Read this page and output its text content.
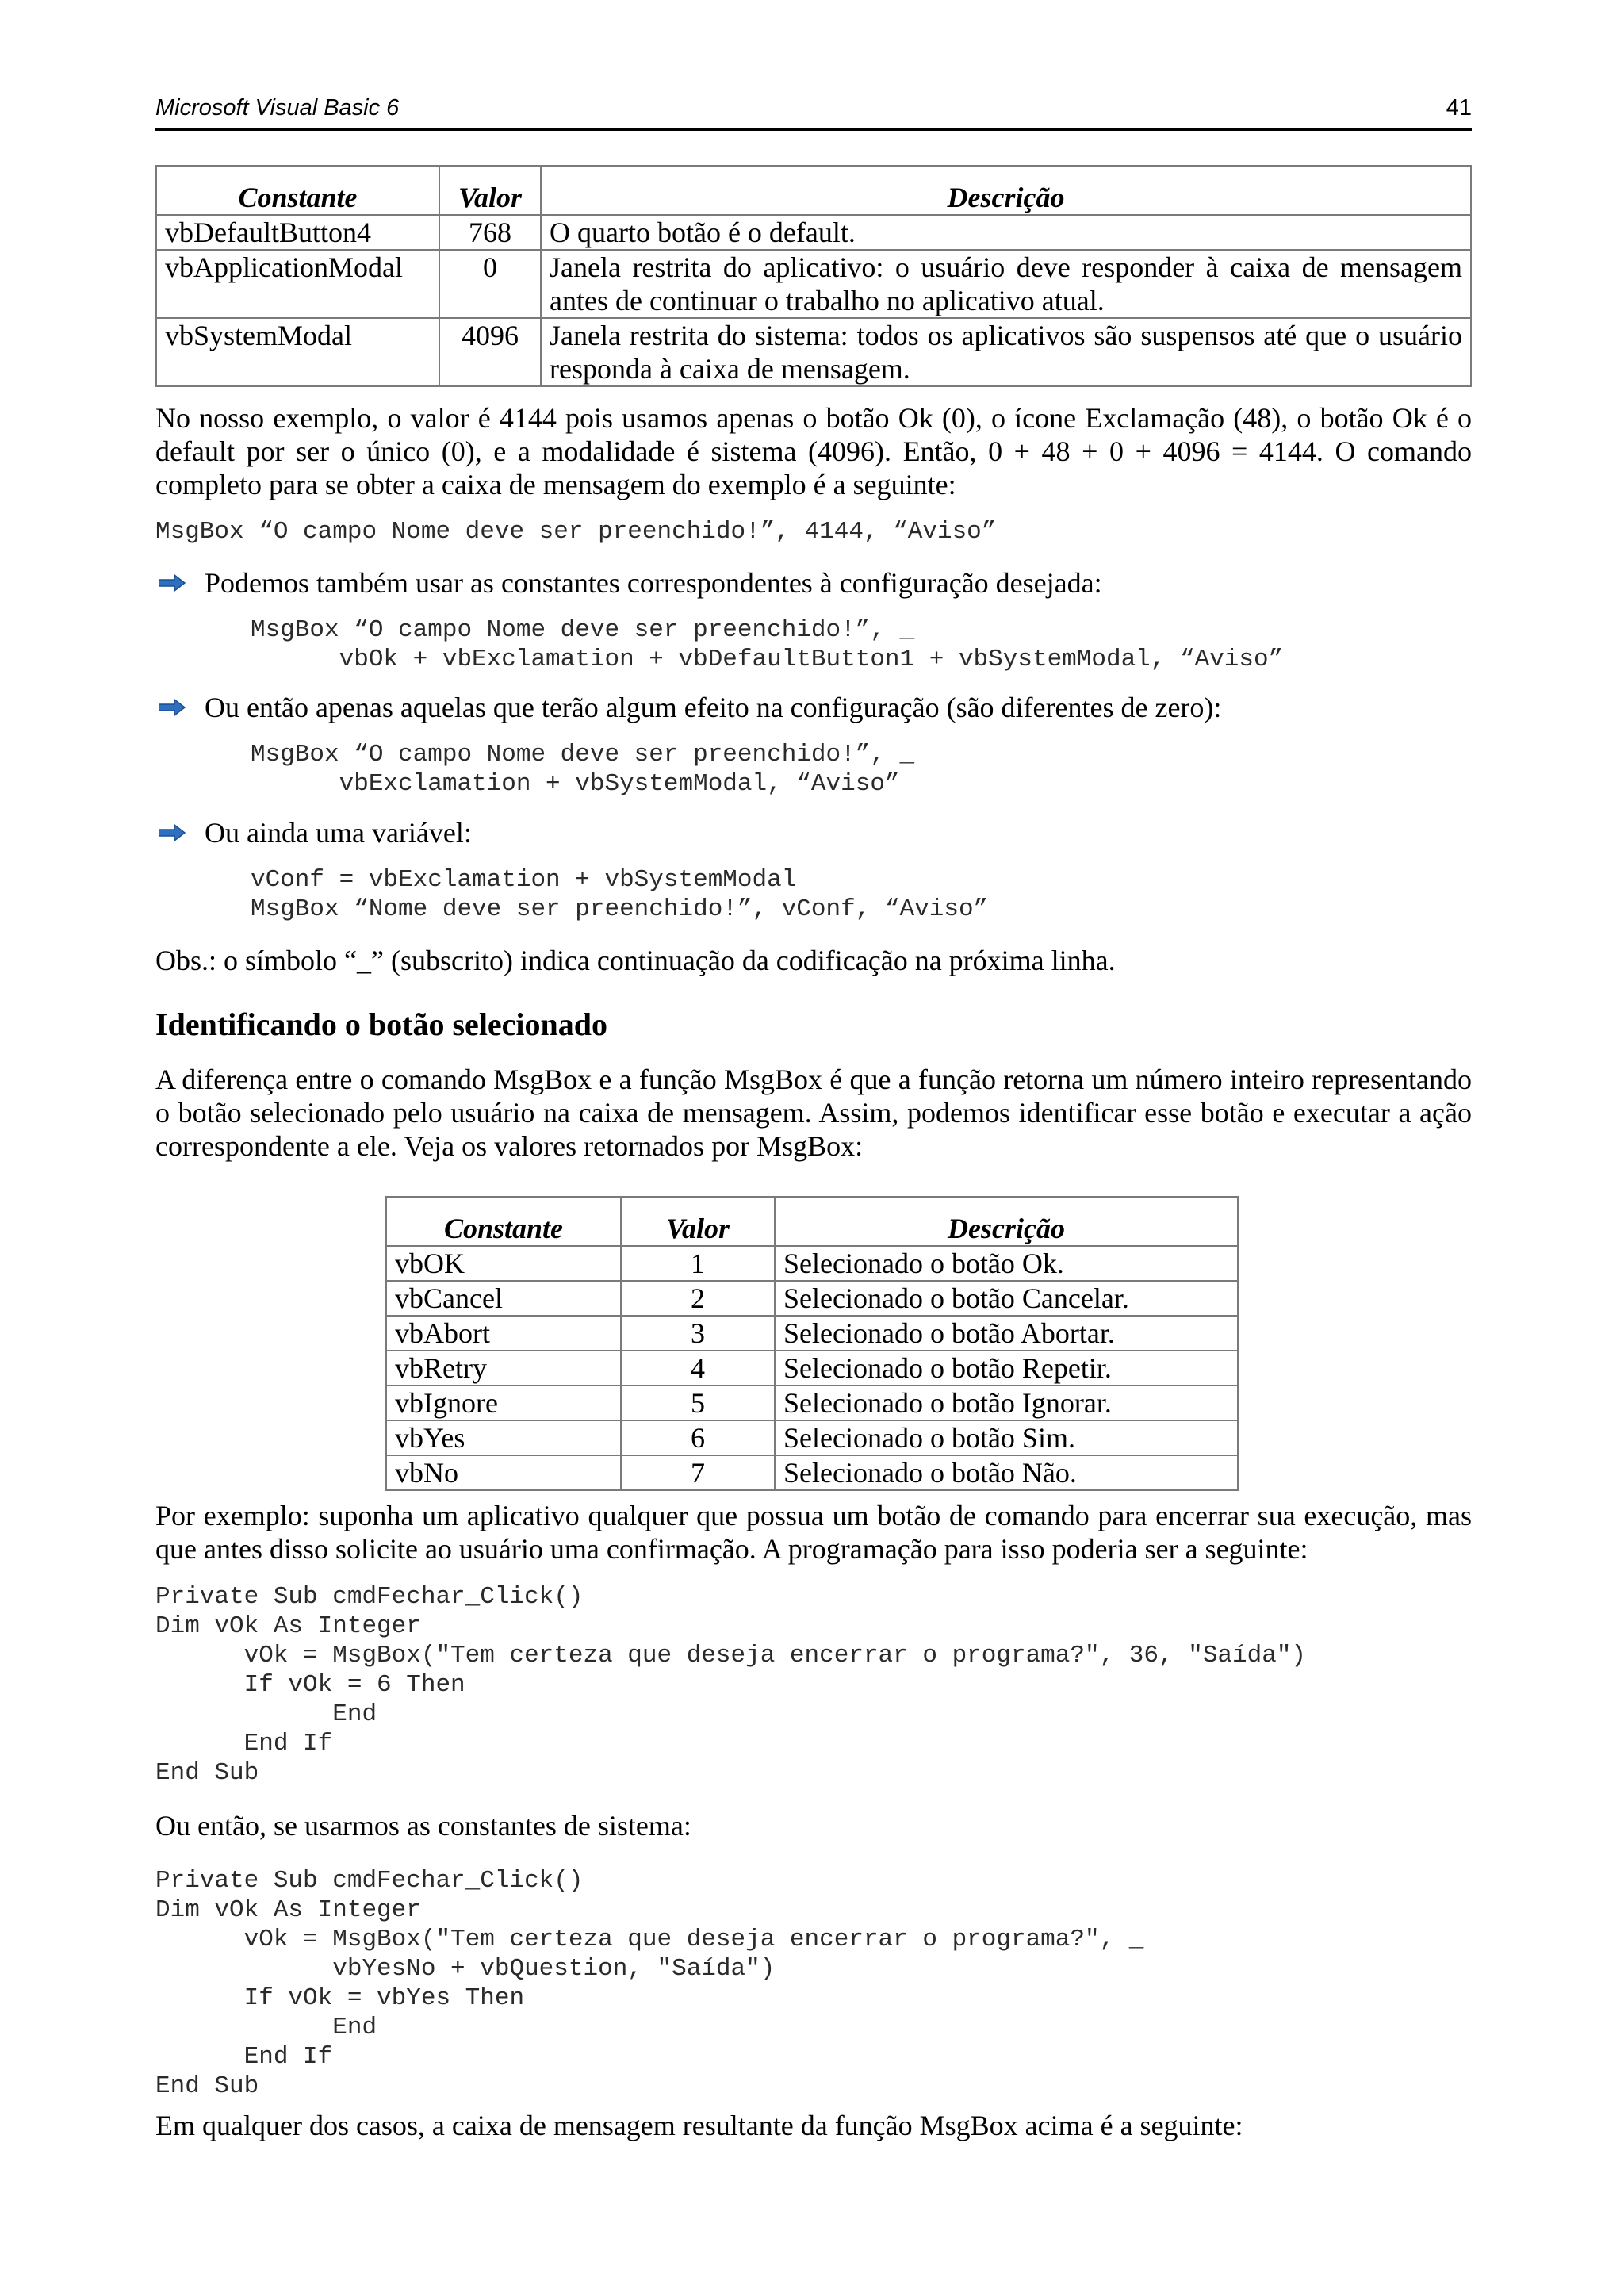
Microsoft Visual Basic 6	41
Constante	Valor	Descrição
vbDefaultButton4	768	O quarto botão é o default.
vbApplicationModal	0	Janela restrita do aplicativo: o usuário deve responder à caixa de mensagem antes de continuar o trabalho no aplicativo atual.
vbSystemModal	4096	Janela restrita do sistema: todos os aplicativos são suspensos até que o usuário responda à caixa de mensagem.

No nosso exemplo, o valor é 4144 pois usamos apenas o botão Ok (0), o ícone Exclamação (48), o botão Ok é o default por ser o único (0), e a modalidade é sistema (4096). Então, 0 + 48 + 0 + 4096 = 4144. O comando completo para se obter a caixa de mensagem do exemplo é a seguinte:

MsgBox “O campo Nome deve ser preenchido!”, 4144, “Aviso”
Podemos também usar as constantes correspondentes à configuração desejada:
MsgBox “O campo Nome deve ser preenchido!”, _
vbOk + vbExclamation + vbDefaultButton1 + vbSystemModal, “Aviso”
Ou então apenas aquelas que terão algum efeito na configuração (são diferentes de zero):
MsgBox “O campo Nome deve ser preenchido!”, _
vbExclamation + vbSystemModal, “Aviso”
Ou ainda uma variável:
vConf = vbExclamation + vbSystemModal
MsgBox “Nome deve ser preenchido!”, vConf, “Aviso”

Obs.: o símbolo “_” (subscrito) indica continuação da codificação na próxima linha.

Identificando o botão selecionado

A diferença entre o comando MsgBox e a função MsgBox é que a função retorna um número inteiro representando o botão selecionado pelo usuário na caixa de mensagem. Assim, podemos identificar esse botão e executar a ação correspondente a ele. Veja os valores retornados por MsgBox:

Constante	Valor	Descrição
vbOK	1	Selecionado o botão Ok.
vbCancel	2	Selecionado o botão Cancelar.
vbAbort	3	Selecionado o botão Abortar.
vbRetry	4	Selecionado o botão Repetir.
vbIgnore	5	Selecionado o botão Ignorar.
vbYes	6	Selecionado o botão Sim.
vbNo	7	Selecionado o botão Não.

Por exemplo: suponha um aplicativo qualquer que possua um botão de comando para encerrar sua execução, mas que antes disso solicite ao usuário uma confirmação. A programação para isso poderia ser a seguinte:

Private Sub cmdFechar_Click()
Dim vOk As Integer
vOk = MsgBox("Tem certeza que deseja encerrar o programa?", 36, "Saída")
If vOk = 6 Then
End
End If
End Sub

Ou então, se usarmos as constantes de sistema:

Private Sub cmdFechar_Click()
Dim vOk As Integer
vOk = MsgBox("Tem certeza que deseja encerrar o programa?", _
vbYesNo + vbQuestion, "Saída")
If vOk = vbYes Then
End
End If
End Sub

Em qualquer dos casos, a caixa de mensagem resultante da função MsgBox acima é a seguinte:
